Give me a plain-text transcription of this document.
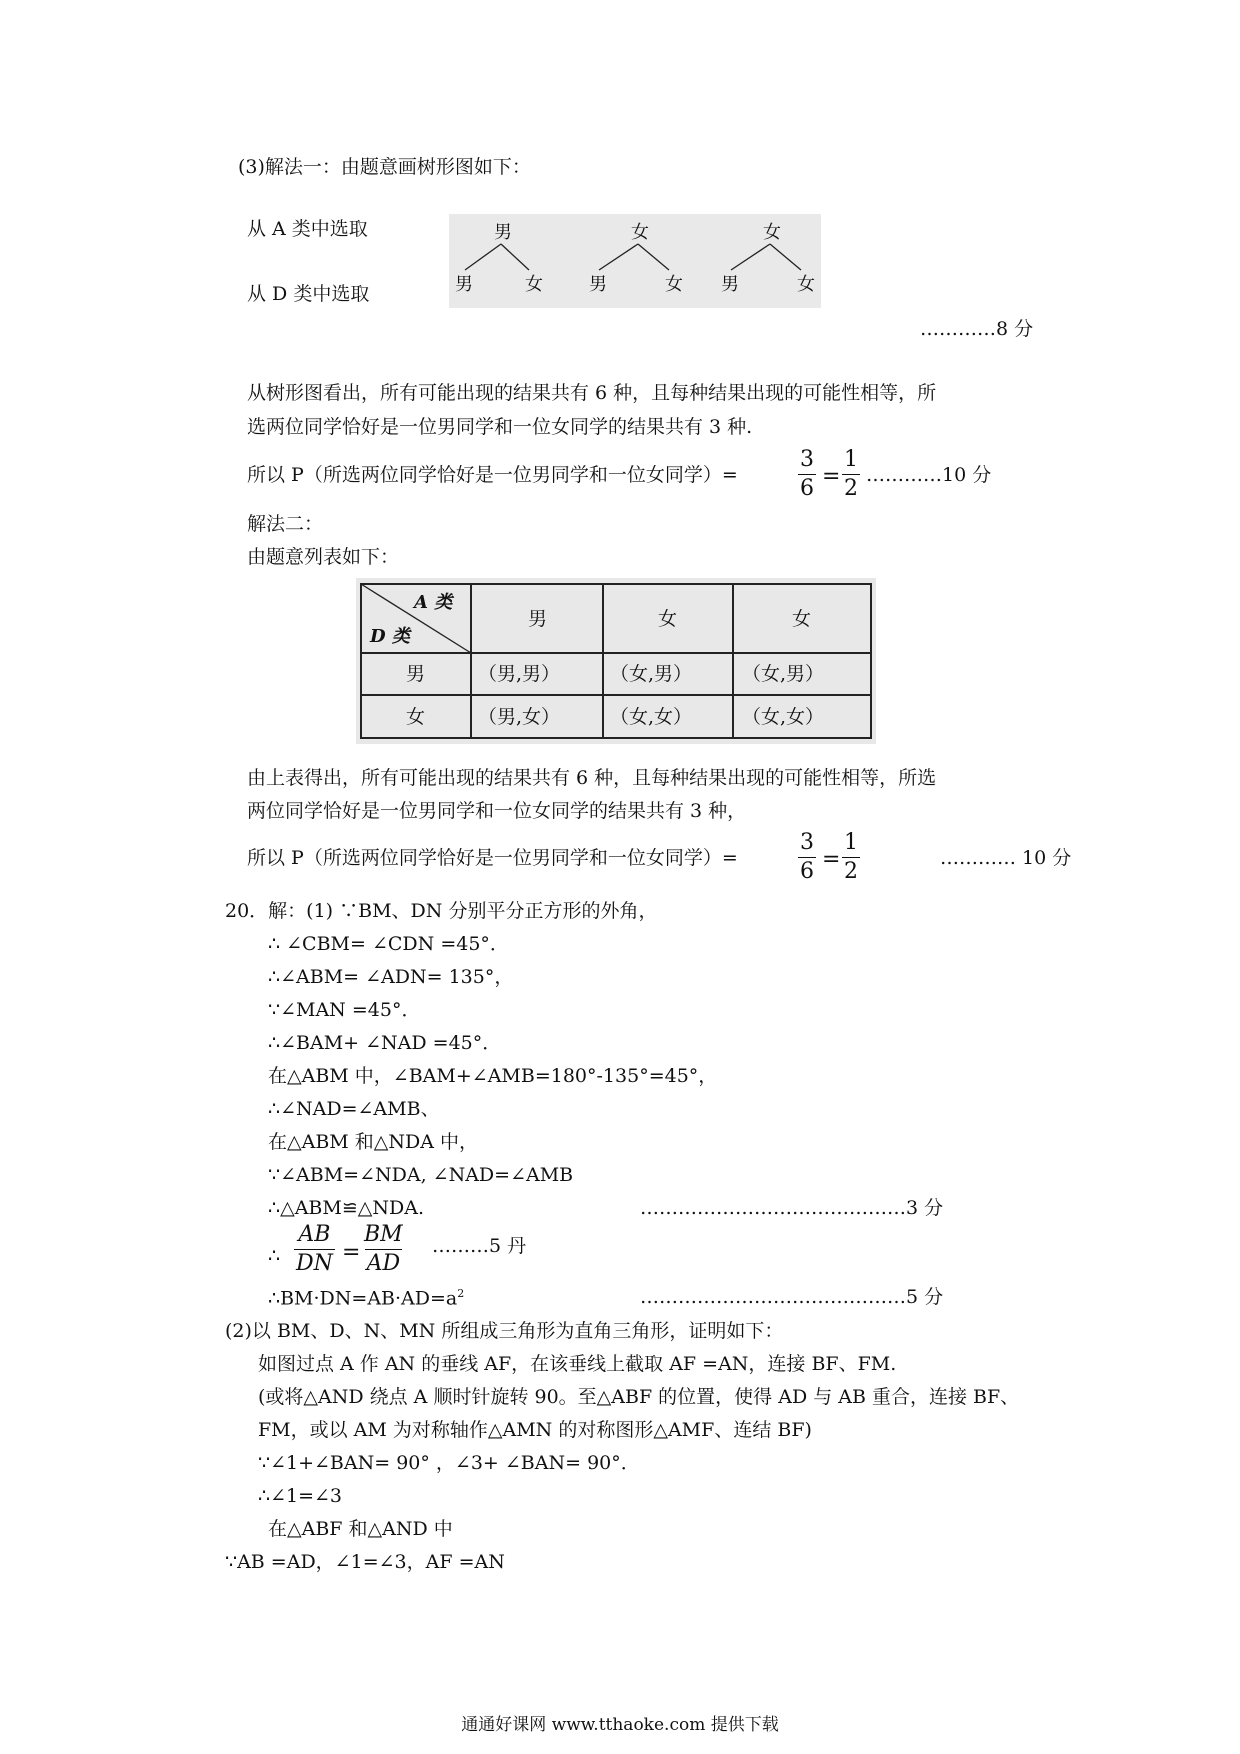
(3)解法一：由题意画树形图如下：
从 A 类中选取
从 D 类中选取
男	女	女
男	女	男	女 男	女
…………8 分
从树形图看出，所有可能出现的结果共有 6 种，且每种结果出现的可能性相等，所
选两位同学恰好是一位男同学和一位女同学的结果共有 3 种.
所以 P（所选两位同学恰好是一位男同学和一位女同学）=	$\frac{3}{6} = \frac{1}{2}$ …………10 分
解法二：
由题意列表如下：
A 类
D 类
男	女	女
男	（男,男）	（女,男）	（女,男）
女	（男,女）	（女,女）	（女,女）
由上表得出，所有可能出现的结果共有 6 种，且每种结果出现的可能性相等，所选
两位同学恰好是一位男同学和一位女同学的结果共有 3 种，
所以 P（所选两位同学恰好是一位男同学和一位女同学）=	$\frac{3}{6} = \frac{1}{2}$	………… 10 分
20．解：(1) ∵BM、DN 分别平分正方形的外角，
∴ ∠CBM= ∠CDN =45°．
∴∠ABM= ∠ADN= 135°，
∵∠MAN =45°．
∴∠BAM+ ∠NAD =45°．
在△ABM 中，∠BAM+∠AMB=180°-135°=45°，
∴∠NAD=∠AMB、
在△ABM 和△NDA 中，
∵∠ABM=∠NDA, ∠NAD=∠AMB
∴△ABM≌△NDA.	……………………………………3 分
∴ $\frac{AB}{DN} = \frac{BM}{AD}$ ………5 丹
$\therefore BM\cdot DN=AB\cdot AD=a^2$	……………………………………5 分
(2)以 BM、D、N、MN 所组成三角形为直角三角形，证明如下：
如图过点 A 作 AN 的垂线 AF，在该垂线上截取 AF =AN，连接 BF、FM.
(或将△AND 绕点 A 顺时针旋转 90。至△ABF 的位置，使得 AD 与 AB 重合，连接 BF、
FM，或以 AM 为对称轴作△AMN 的对称图形△AMF、连结 BF)
∵∠1+∠BAN= 90° ，∠3+ ∠BAN= 90°．
∴∠1=∠3
在△ABF 和△AND 中
∵AB =AD，∠1=∠3，AF =AN
通通好课网 www.tthaoke.com 提供下载
